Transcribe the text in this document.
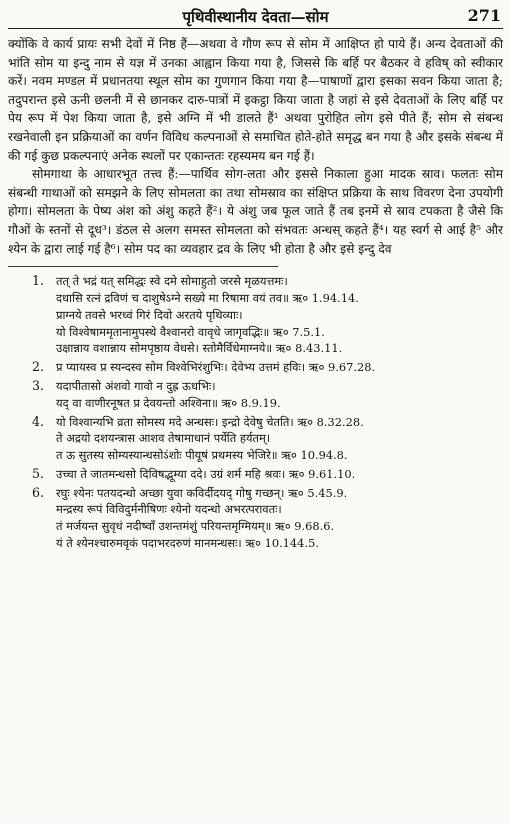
पृथिवीस्थानीय देवता—सोम	271

क्योंकि वे कार्य प्रायः सभी देवों में निष्ठ हैं—अथवा वे गौण रूप से सोम में आक्षिप्त हो पाये हैं। अन्य देवताओं की भांति सोम या इन्दु नाम से यज्ञ में उनका आह्वान किया गया है, जिससे कि बर्हि पर बैठकर वे हविष् को स्वीकार करें। नवम मण्डल में प्रधानतया स्थूल सोम का गुणगान किया गया है—पाषाणों द्वारा इसका सवन किया जाता है; तदुपरान्त इसे ऊनी छलनी में से छानकर दारु-पात्रों में इकट्ठा किया जाता है जहां से इसे देवताओं के लिए बर्हि पर पेय रूप में पेश किया जाता है, इसे अग्नि में भी डालते हैं¹ अथवा पुरोहित लोग इसे पीते हैं; सोम से संबन्ध रखनेवाली इन प्रक्रियाओं का वर्णन विविध कल्पनाओं से समाचित होते-होते समृद्ध बन गया है और इसके संबन्ध में की गई कुछ प्रकल्पनाएं अनेक स्थलों पर एकान्ततः रहस्यमय बन गई हैं।

सोमगाथा के आधारभूत तत्त्व हैं:—पार्थिव सोग-लता और इससे निकाला हुआ मादक स्राव। फलतः सोम संबन्धी गाथाओं को समझने के लिए सोमलता का तथा सोमस्राव का संक्षिप्त प्रक्रिया के साथ विवरण देना उपयोगी होगा। सोमलता के पेष्य अंश को अंशु कहते हैं²। ये अंशु जब फूल जाते हैं तब इनमें से स्राव टपकता है जैसे कि गौओं के स्तनों से दूध³। डंठल से अलग समस्त सोमलता को संभवतः अन्धस् कहते हैं⁴। यह स्वर्ग से आई है⁵ और श्येन के द्वारा लाई गई है⁶। सोम पद का व्यवहार द्रव के लिए भी होता है और इसे इन्दु देव

1.	तत् ते भद्रं यत् समिद्धः स्वे दमे सोमाहुतो जरसे मृळयत्तमः।
दधासि रत्नं द्रविणं च दाशुषेऽग्ने सख्ये मा रिषामा वयं तव॥ ऋ० 1.94.14.
प्राग्नये तवसे भरध्वं गिरं दिवो अरतये पृथिव्याः।
यो विश्वेषाममृतानामुपस्थे वैश्वानरो वावृधे जागृवद्भिः॥ ऋ० 7.5.1.
उक्षान्नाय वशान्नाय सोमपृष्ठाय वेधसे। स्तोमैर्विधेमाग्नये॥ ऋ० 8.43.11.
2.	प्र प्यायस्व प्र स्यन्दस्व सोम विश्वेभिरंशुभिः। देवेभ्य उत्तमं हविः। ऋ० 9.67.28.
3.	यदापीतासो अंशवो गावो न दुह्र ऊधभिः।
यद् वा वाणीरनूषत प्र देवयन्तो अश्विना॥ ऋ० 8.9.19.
4.	यो विश्वान्यभि व्रता सोमस्य मदे अन्धसः। इन्द्रो देवेषु चेतति। ऋ० 8.32.28.
ते अद्रयो दशयन्त्रास आशव तेषामाधानं पर्येति हर्यतम्।
त ऊ सुतस्य सोम्यस्यान्धसोऽंशोः पीयूषं प्रथमस्य भेजिरे॥ ऋ० 10.94.8.
5.	उच्चा ते जातमन्धसो दिविषद्भूम्या ददे। उग्रं शर्म महि श्रवः। ऋ० 9.61.10.
6.	रघुः श्येनः पतयदन्धो अच्छा युवा कविर्दीदयद् गोषु गच्छन्। ऋ० 5.45.9.
मन्द्रस्य रूपं विविदुर्मनीषिणः श्येनो यदन्धो अभरत्परावतः।
तं मर्जयन्त सुवृधं नदीष्वाँ उशन्तमंशुं परियन्तमृग्मियम्॥ ऋ० 9.68.6.
यं ते श्येनश्चारुमवृकं पदाभरदरुणं मानमन्धसः। ऋ० 10.144.5.
